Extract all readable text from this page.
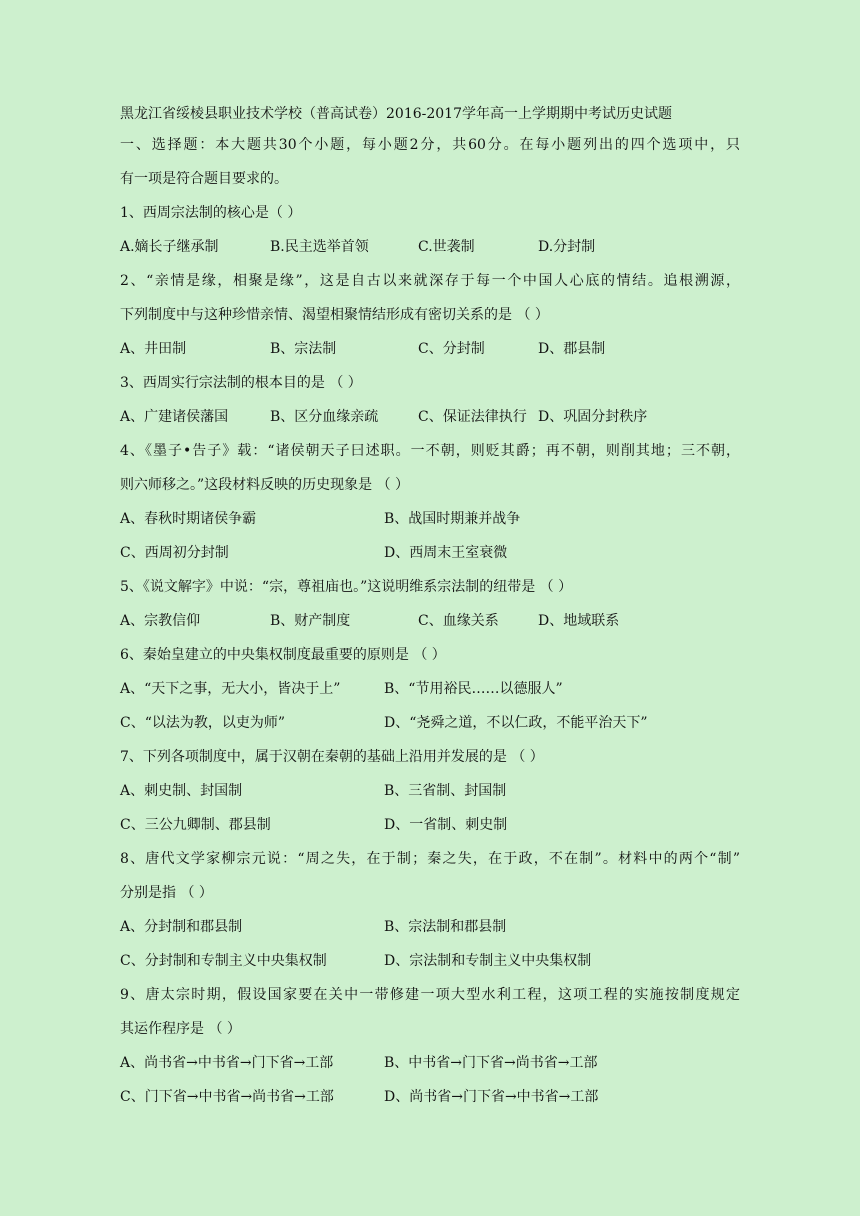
黑龙江省绥棱县职业技术学校（普高试卷）2016-2017学年高一上学期期中考试历史试题
一、选择题：本大题共30个小题，每小题2分，共60分。在每小题列出的四个选项中，只
有一项是符合题目要求的。
1、西周宗法制的核心是（ ）
A.嫡长子继承制	B.民主选举首领	C.世袭制	D.分封制
2、“亲情是缘，相聚是缘”，这是自古以来就深存于每一个中国人心底的情结。追根溯源，
下列制度中与这种珍惜亲情、渴望相聚情结形成有密切关系的是 （ ）
A、井田制	B、宗法制	C、分封制	D、郡县制
3、西周实行宗法制的根本目的是 （ ）
A、广建诸侯藩国	B、区分血缘亲疏	C、保证法律执行 D、巩固分封秩序
4、《墨子•告子》载：“诸侯朝天子曰述职。一不朝，则贬其爵；再不朝，则削其地；三不朝，
则六师移之。”这段材料反映的历史现象是 （ ）
A、春秋时期诸侯争霸	B、战国时期兼并战争
C、西周初分封制	D、西周末王室衰微
5、《说文解字》中说：“宗，尊祖庙也。”这说明维系宗法制的纽带是 （ ）
A、宗教信仰	B、财产制度	C、血缘关系	D、地域联系
6、秦始皇建立的中央集权制度最重要的原则是 （ ）
A、“天下之事，无大小，皆决于上”	B、“节用裕民……以德服人”
C、“以法为教，以吏为师”	D、“尧舜之道，不以仁政，不能平治天下”
7、下列各项制度中，属于汉朝在秦朝的基础上沿用并发展的是 （ ）
A、刺史制、封国制	B、三省制、封国制
C、三公九卿制、郡县制	D、一省制、刺史制
8、唐代文学家柳宗元说：“周之失，在于制；秦之失，在于政，不在制”。材料中的两个“制”
分别是指 （ ）
A、分封制和郡县制	B、宗法制和郡县制
C、分封制和专制主义中央集权制	D、宗法制和专制主义中央集权制
9、唐太宗时期，假设国家要在关中一带修建一项大型水利工程，这项工程的实施按制度规定
其运作程序是 （ ）
A、尚书省→中书省→门下省→工部	B、中书省→门下省→尚书省→工部
C、门下省→中书省→尚书省→工部	D、尚书省→门下省→中书省→工部
